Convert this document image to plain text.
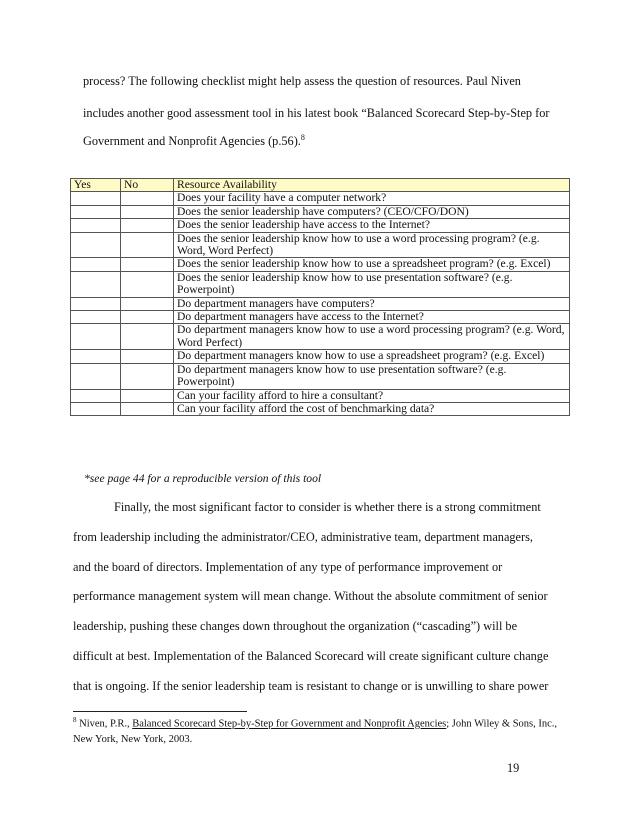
process? The following checklist might help assess the question of resources. Paul Niven
includes another good assessment tool in his latest book “Balanced Scorecard Step-by-Step for
Government and Nonprofit Agencies (p.56).$^8$
Yes	No	Resource Availability
		Does your facility have a computer network?
		Does the senior leadership have computers? (CEO/CFO/DON)
		Does the senior leadership have access to the Internet?
		Does the senior leadership know how to use a word processing program? (e.g. Word, Word Perfect)
		Does the senior leadership know how to use a spreadsheet program? (e.g. Excel)
		Does the senior leadership know how to use presentation software? (e.g. Powerpoint)
		Do department managers have computers?
		Do department managers have access to the Internet?
		Do department managers know how to use a word processing program? (e.g. Word, Word Perfect)
		Do department managers know how to use a spreadsheet program? (e.g. Excel)
		Do department managers know how to use presentation software? (e.g. Powerpoint)
		Can your facility afford to hire a consultant?
		Can your facility afford the cost of benchmarking data?
*see page 44 for a reproducible version of this tool
Finally, the most significant factor to consider is whether there is a strong commitment
from leadership including the administrator/CEO, administrative team, department managers,
and the board of directors. Implementation of any type of performance improvement or
performance management system will mean change. Without the absolute commitment of senior
leadership, pushing these changes down throughout the organization (“cascading”) will be
difficult at best. Implementation of the Balanced Scorecard will create significant culture change
that is ongoing. If the senior leadership team is resistant to change or is unwilling to share power
$^8$ Niven, P.R., Balanced Scorecard Step-by-Step for Government and Nonprofit Agencies; John Wiley & Sons, Inc.,
New York, New York, 2003.
19
